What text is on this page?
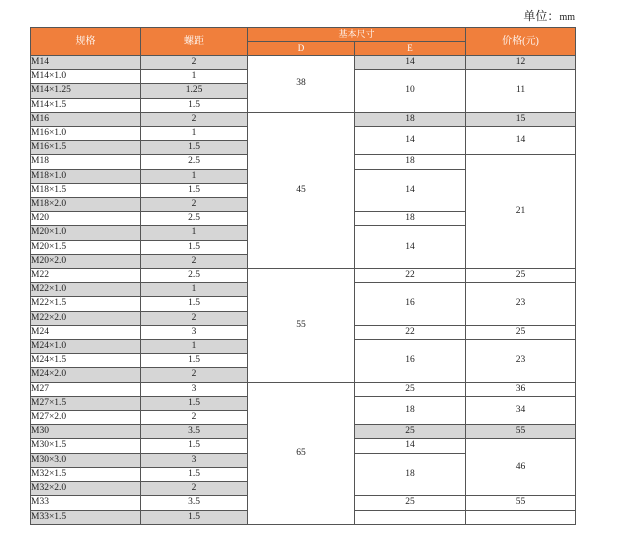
单位：mm
规格	螺距	基本尺寸		价格(元)
		D	E	
M14	2	38	14	12
M14×1.0	1		10	11
M14×1.25	1.25			
M14×1.5	1.5			
M16	2	45	18	15
M16×1.0	1		14	14
M16×1.5	1.5			
M18	2.5		18	21
M18×1.0	1		14	
M18×1.5	1.5			
M18×2.0	2			
M20	2.5		18	
M20×1.0	1		14	
M20×1.5	1.5			
M20×2.0	2			
M22	2.5	55	22	25
M22×1.0	1		16	23
M22×1.5	1.5			
M22×2.0	2			
M24	3		22	25
M24×1.0	1		16	23
M24×1.5	1.5			
M24×2.0	2			
M27	3	65	25	36
M27×1.5	1.5		18	34
M27×2.0	2			
M30	3.5		25	55
M30×1.5	1.5		14	46
M30×3.0	3		18	
M32×1.5	1.5			
M32×2.0	2			
M33	3.5		25	55
M33×1.5	1.5			
